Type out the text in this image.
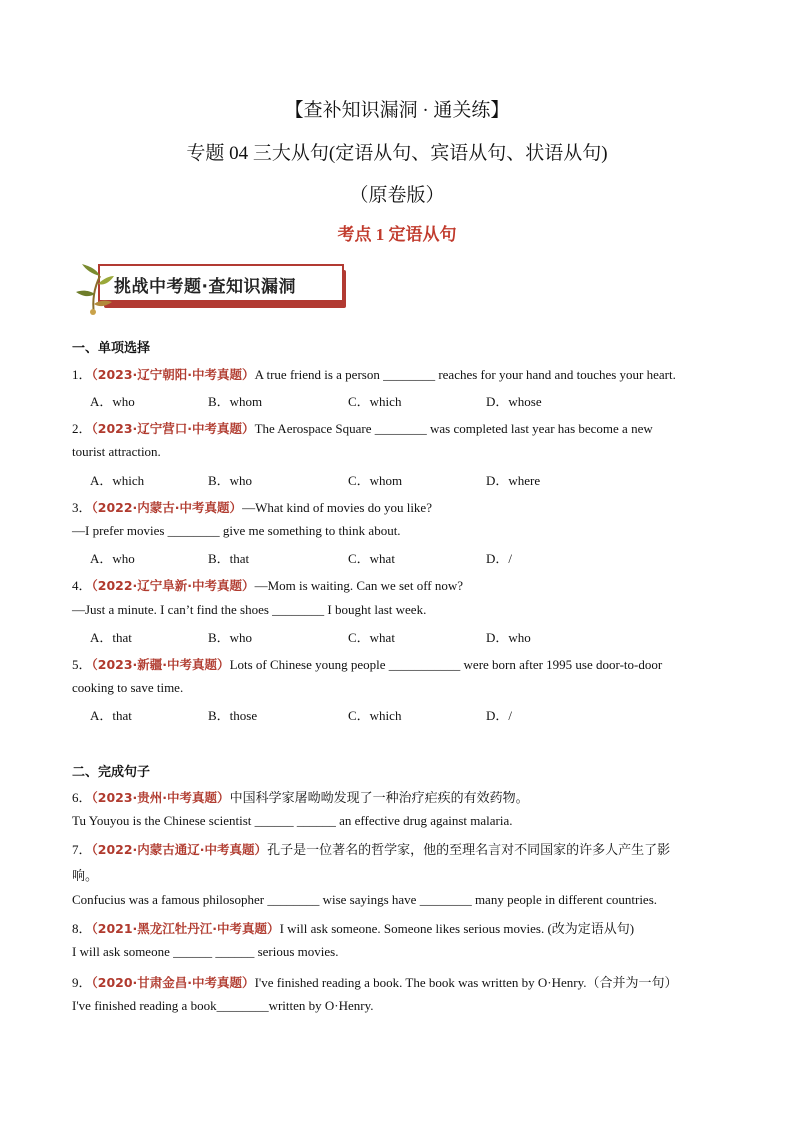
【查补知识漏洞 · 通关练】
专题 04 三大从句(定语从句、宾语从句、状语从句)
（原卷版）
考点 1 定语从句
挑战中考题·查知识漏洞
一、单项选择
1．（2023·辽宁朝阳·中考真题）A true friend is a person ________ reaches for your hand and touches your heart.
A．who	B．whom	C．which	D．whose
2．（2023·辽宁营口·中考真题）The Aerospace Square ________ was completed last year has become a new
tourist attraction.
A．which	B．who	C．whom	D．where
3．（2022·内蒙古·中考真题）—What kind of movies do you like?
—I prefer movies ________ give me something to think about.
A．who	B．that	C．what	D．/
4．（2022·辽宁阜新·中考真题）—Mom is waiting. Can we set off now?
—Just a minute. I can’t find the shoes ________ I bought last week.
A．that	B．who	C．what	D．who
5．（2023·新疆·中考真题）Lots of Chinese young people ___________ were born after 1995 use door-to-door
cooking to save time.
A．that	B．those	C．which	D．/
二、完成句子
6．（2023·贵州·中考真题）中国科学家屠呦呦发现了一种治疗疟疾的有效药物。
Tu Youyou is the Chinese scientist ______ ______ an effective drug against malaria.
7．（2022·内蒙古通辽·中考真题）孔子是一位著名的哲学家，他的至理名言对不同国家的许多人产生了影
响。
Confucius was a famous philosopher ________ wise sayings have ________ many people in different countries.
8．（2021·黑龙江牡丹江·中考真题）I will ask someone. Someone likes serious movies. (改为定语从句)
I will ask someone ______ ______ serious movies.
9．（2020·甘肃金昌·中考真题）I've finished reading a book. The book was written by O·Henry.（合并为一句）
I've finished reading a book________written by O·Henry.
